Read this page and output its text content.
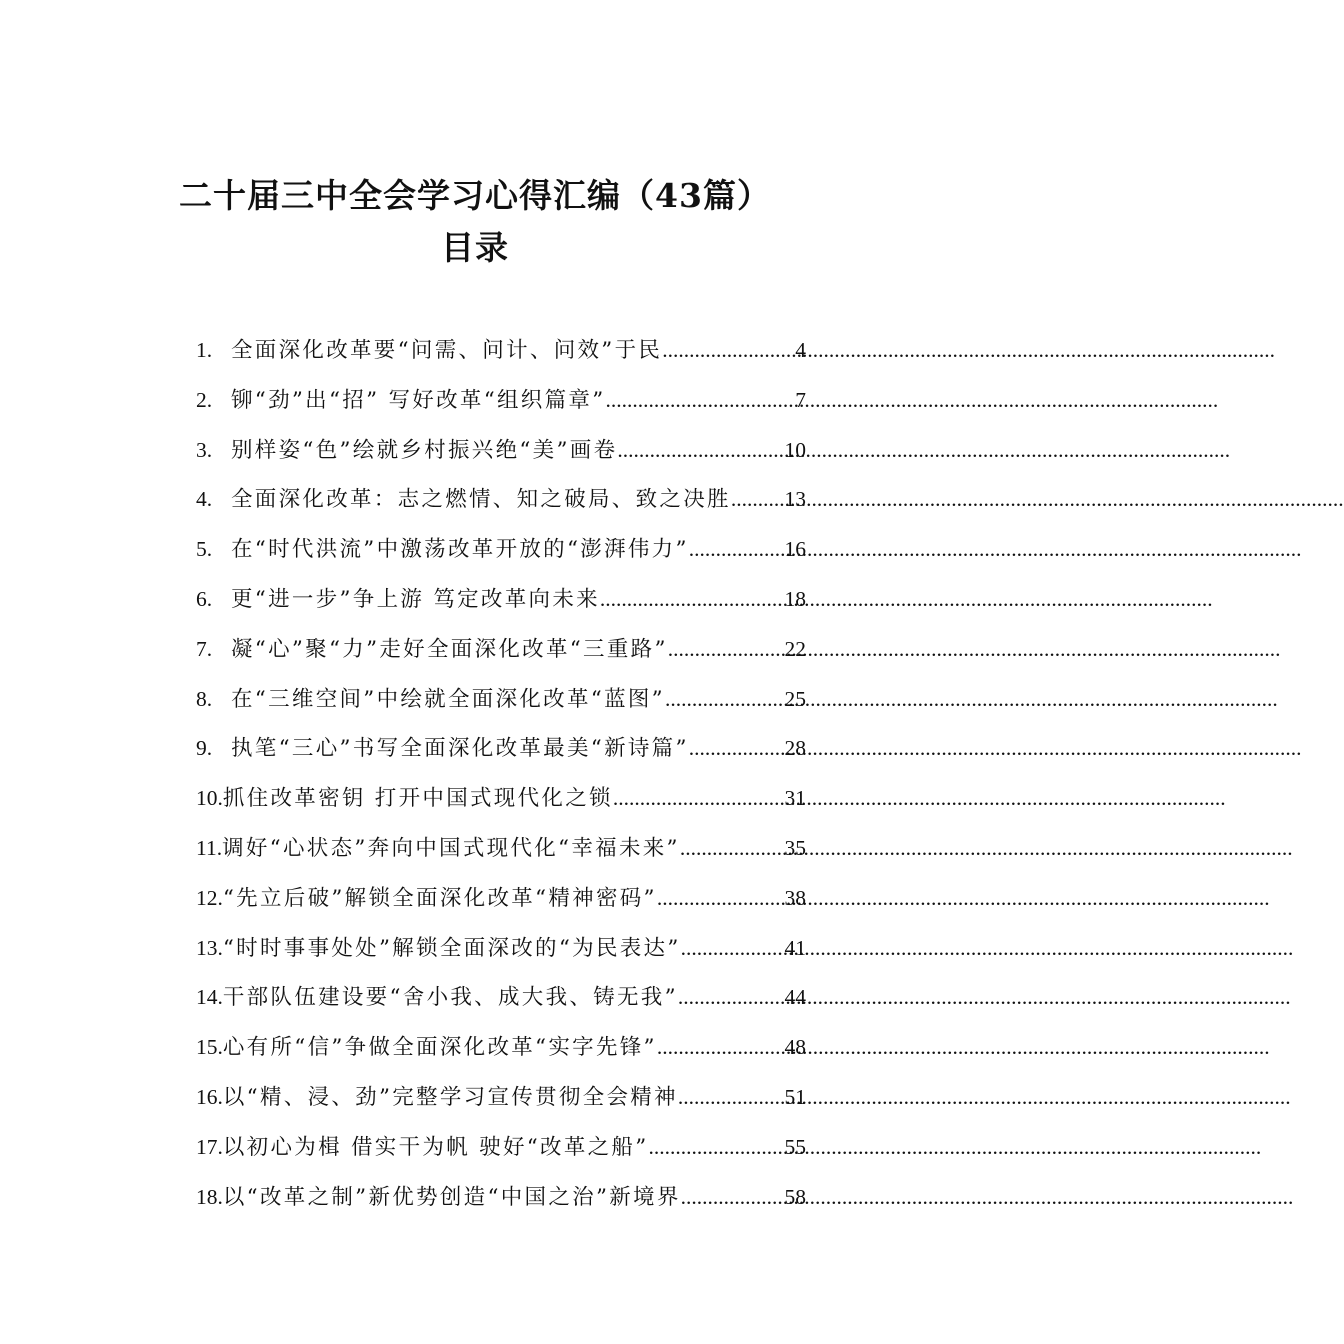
二十届三中全会学习心得汇编（43篇）
目录
1. 全面深化改革要“问需、问计、问效”于民 .....	4
2. 铆“劲”出“招” 写好改革“组织篇章” .....	7
3. 别样姿“色”绘就乡村振兴绝“美”画卷 .....	10
4. 全面深化改革：志之燃情、知之破局、致之决胜 ..... 13
5. 在“时代洪流”中激荡改革开放的“澎湃伟力” .....	16
6. 更“进一步”争上游 笃定改革向未来 .....	18
7. 凝“心”聚“力”走好全面深化改革“三重路” .....	22
8. 在“三维空间”中绘就全面深化改革“蓝图” .....	25
9. 执笔“三心”书写全面深化改革最美“新诗篇” .....	28
10. 抓住改革密钥 打开中国式现代化之锁 .....	31
11. 调好“心状态”奔向中国式现代化“幸福未来” .....	35
12. “先立后破”解锁全面深化改革“精神密码” .....	38
13. “时时事事处处”解锁全面深改的“为民表达” .....	41
14. 干部队伍建设要“舍小我、成大我、铸无我” .....	44
15. 心有所“信”争做全面深化改革“实字先锋” .....	48
16. 以“精、浸、劲”完整学习宣传贯彻全会精神 .....	51
17. 以初心为楫 借实干为帆 驶好“改革之船” .....	55
18. 以“改革之制”新优势创造“中国之治”新境界 .....	58
